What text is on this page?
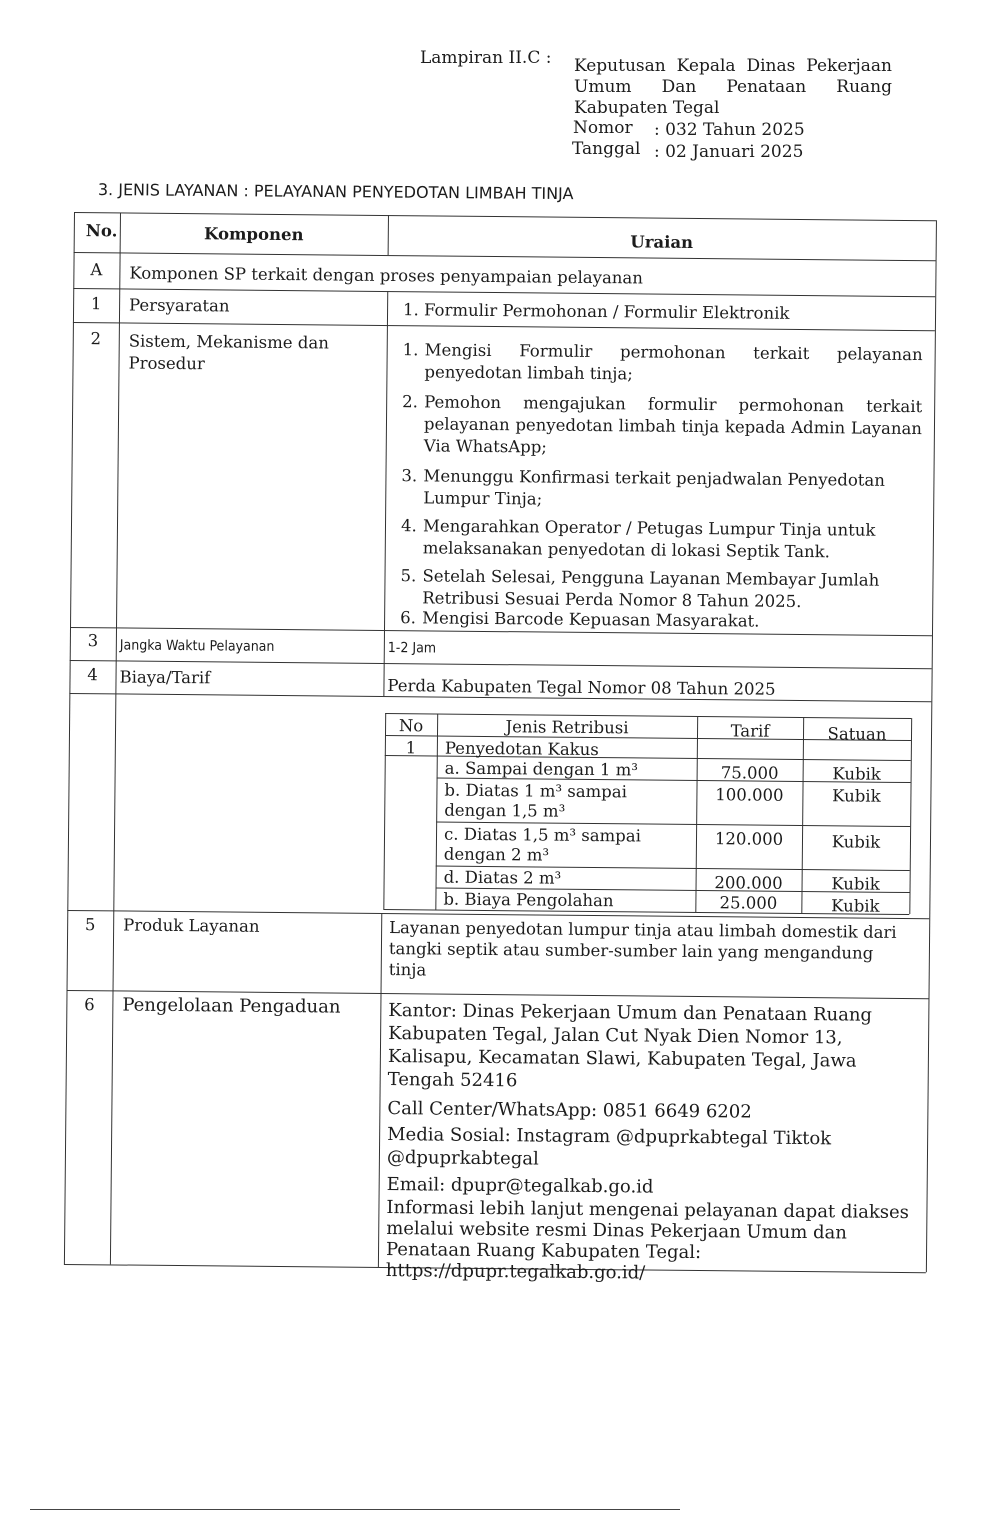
Lampiran II.C : Keputusan Kepala Dinas Pekerjaan
Umum Dan Penataan Ruang
Kabupaten Tegal
Nomor : 032 Tahun 2025
Tanggal : 02 Januari 2025
3. JENIS LAYANAN : PELAYANAN PENYEDOTAN LIMBAH TINJA
No.	Komponen	Uraian
A	Komponen SP terkait dengan proses penyampaian pelayanan
1	Persyaratan	1. Formulir Permohonan / Formulir Elektronik
2	Sistem, Mekanisme dan
Prosedur
1. Mengisi Formulir permohonan terkait pelayanan penyedotan limbah tinja;
2. Pemohon mengajukan formulir permohonan terkait pelayanan penyedotan limbah tinja kepada Admin Layanan Via WhatsApp;
3. Menunggu Konfirmasi terkait penjadwalan Penyedotan Lumpur Tinja;
4. Mengarahkan Operator / Petugas Lumpur Tinja untuk melaksanakan penyedotan di lokasi Septik Tank.
5. Setelah Selesai, Pengguna Layanan Membayar Jumlah Retribusi Sesuai Perda Nomor 8 Tahun 2025.
6. Mengisi Barcode Kepuasan Masyarakat.
3	Jangka Waktu Pelayanan	1-2 Jam
4	Biaya/Tarif	Perda Kabupaten Tegal Nomor 08 Tahun 2025
No	Jenis Retribusi	Tarif	Satuan
1	Penyedotan Kakus
a. Sampai dengan 1 m³	75.000	Kubik
b. Diatas 1 m³ sampai
dengan 1,5 m³
100.000	Kubik
c. Diatas 1,5 m³ sampai
dengan 2 m³
120.000	Kubik
d. Diatas 2 m³	200.000	Kubik
b. Biaya Pengolahan	25.000	Kubik
5	Produk Layanan	Layanan penyedotan lumpur tinja atau limbah domestik dari tangki septik atau sumber-sumber lain yang mengandung tinja
6	Pengelolaan Pengaduan	Kantor: Dinas Pekerjaan Umum dan Penataan Ruang Kabupaten Tegal, Jalan Cut Nyak Dien Nomor 13, Kalisapu, Kecamatan Slawi, Kabupaten Tegal, Jawa Tengah 52416
Call Center/WhatsApp: 0851 6649 6202
Media Sosial: Instagram @dpuprkabtegal Tiktok @dpuprkabtegal
Email: dpupr@tegalkab.go.id
Informasi lebih lanjut mengenai pelayanan dapat diakses melalui website resmi Dinas Pekerjaan Umum dan Penataan Ruang Kabupaten Tegal: https://dpupr.tegalkab.go.id/
